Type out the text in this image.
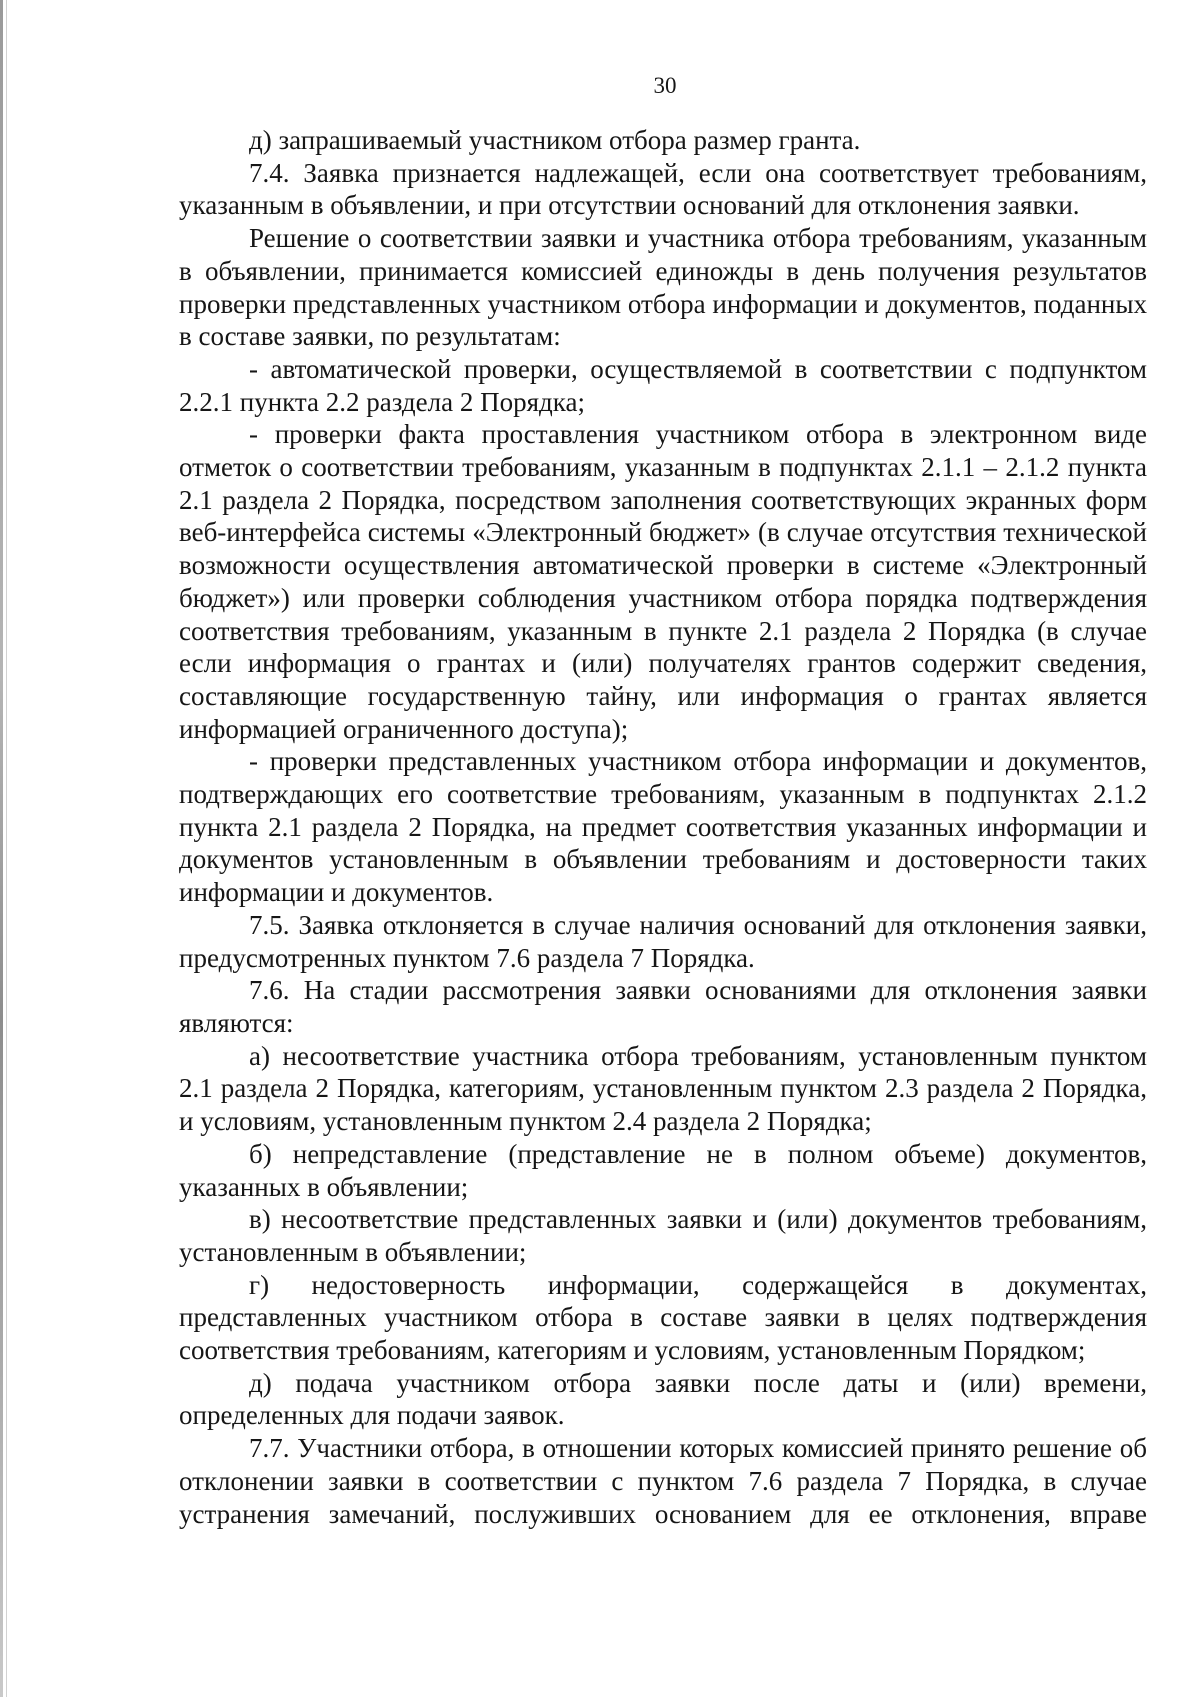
30

д) запрашиваемый участником отбора размер гранта.

7.4. Заявка признается надлежащей, если она соответствует требованиям, указанным в объявлении, и при отсутствии оснований для отклонения заявки.

Решение о соответствии заявки и участника отбора требованиям, указанным в объявлении, принимается комиссией единожды в день получения результатов проверки представленных участником отбора информации и документов, поданных в составе заявки, по результатам:

- автоматической проверки, осуществляемой в соответствии с подпунктом 2.2.1 пункта 2.2 раздела 2 Порядка;

- проверки факта проставления участником отбора в электронном виде отметок о соответствии требованиям, указанным в подпунктах 2.1.1 – 2.1.2 пункта 2.1 раздела 2 Порядка, посредством заполнения соответствующих экранных форм веб-интерфейса системы «Электронный бюджет» (в случае отсутствия технической возможности осуществления автоматической проверки в системе «Электронный бюджет») или проверки соблюдения участником отбора порядка подтверждения соответствия требованиям, указанным в пункте 2.1 раздела 2 Порядка (в случае если информация о грантах и (или) получателях грантов содержит сведения, составляющие государственную тайну, или информация о грантах является информацией ограниченного доступа);

- проверки представленных участником отбора информации и документов, подтверждающих его соответствие требованиям, указанным в подпунктах 2.1.2 пункта 2.1 раздела 2 Порядка, на предмет соответствия указанных информации и документов установленным в объявлении требованиям и достоверности таких информации и документов.

7.5. Заявка отклоняется в случае наличия оснований для отклонения заявки, предусмотренных пунктом 7.6 раздела 7 Порядка.

7.6. На стадии рассмотрения заявки основаниями для отклонения заявки являются:

а) несоответствие участника отбора требованиям, установленным пунктом 2.1 раздела 2 Порядка, категориям, установленным пунктом 2.3 раздела 2 Порядка, и условиям, установленным пунктом 2.4 раздела 2 Порядка;

б) непредставление (представление не в полном объеме) документов, указанных в объявлении;

в) несоответствие представленных заявки и (или) документов требованиям, установленным в объявлении;

г) недостоверность информации, содержащейся в документах, представленных участником отбора в составе заявки в целях подтверждения соответствия требованиям, категориям и условиям, установленным Порядком;

д) подача участником отбора заявки после даты и (или) времени, определенных для подачи заявок.

7.7. Участники отбора, в отношении которых комиссией принято решение об отклонении заявки в соответствии с пунктом 7.6 раздела 7 Порядка, в случае устранения замечаний, послуживших основанием для ее отклонения, вправе
